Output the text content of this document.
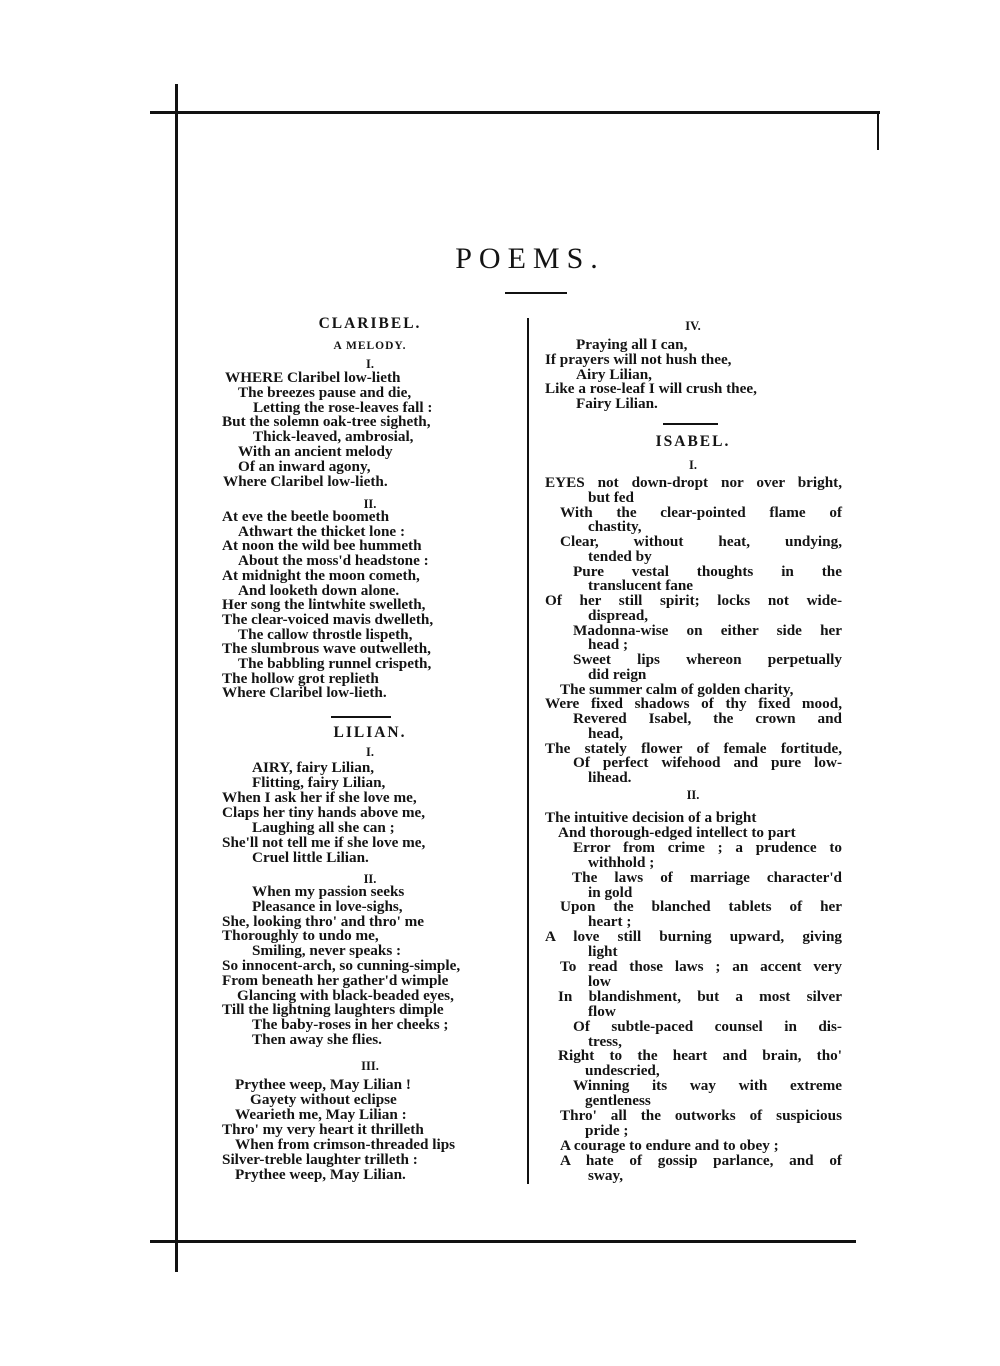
POEMS.
CLARIBEL.
A MELODY.
I.
WHERE Claribel low-lieth
The breezes pause and die,
Letting the rose-leaves fall :
But the solemn oak-tree sigheth,
Thick-leaved, ambrosial,
With an ancient melody
Of an inward agony,
Where Claribel low-lieth.
II.
At eve the beetle boometh
Athwart the thicket lone :
At noon the wild bee hummeth
About the moss'd headstone :
At midnight the moon cometh,
And looketh down alone.
Her song the lintwhite swelleth,
The clear-voiced mavis dwelleth,
The callow throstle lispeth,
The slumbrous wave outwelleth,
The babbling runnel crispeth,
The hollow grot replieth
Where Claribel low-lieth.
LILIAN.
I.
AIRY, fairy Lilian,
Flitting, fairy Lilian,
When I ask her if she love me,
Claps her tiny hands above me,
Laughing all she can ;
She'll not tell me if she love me,
Cruel little Lilian.
II.
When my passion seeks
Pleasance in love-sighs,
She, looking thro' and thro' me
Thoroughly to undo me,
Smiling, never speaks :
So innocent-arch, so cunning-simple,
From beneath her gather'd wimple
Glancing with black-beaded eyes,
Till the lightning laughters dimple
The baby-roses in her cheeks ;
Then away she flies.
III.
Prythee weep, May Lilian !
Gayety without eclipse
Wearieth me, May Lilian :
Thro' my very heart it thrilleth
When from crimson-threaded lips
Silver-treble laughter trilleth :
Prythee weep, May Lilian.
IV.
Praying all I can,
If prayers will not hush thee,
Airy Lilian,
Like a rose-leaf I will crush thee,
Fairy Lilian.
ISABEL.
I.
EYES not down-dropt nor over bright,
but fed
With the clear-pointed flame of
chastity,
Clear, without heat, undying,
tended by
Pure vestal thoughts in the
translucent fane
Of her still spirit; locks not wide-
dispread,
Madonna-wise on either side her
head ;
Sweet lips whereon perpetually
did reign
The summer calm of golden charity,
Were fixed shadows of thy fixed mood,
Revered Isabel, the crown and
head,
The stately flower of female fortitude,
Of perfect wifehood and pure low-
lihead.
II.
The intuitive decision of a bright
And thorough-edged intellect to part
Error from crime ; a prudence to
withhold ;
The laws of marriage character'd
in gold
Upon the blanched tablets of her
heart ;
A love still burning upward, giving
light
To read those laws ; an accent very
low
In blandishment, but a most silver
flow
Of subtle-paced counsel in dis-
tress,
Right to the heart and brain, tho'
undescried,
Winning its way with extreme
gentleness
Thro' all the outworks of suspicious
pride ;
A courage to endure and to obey ;
A hate of gossip parlance, and of
sway,
